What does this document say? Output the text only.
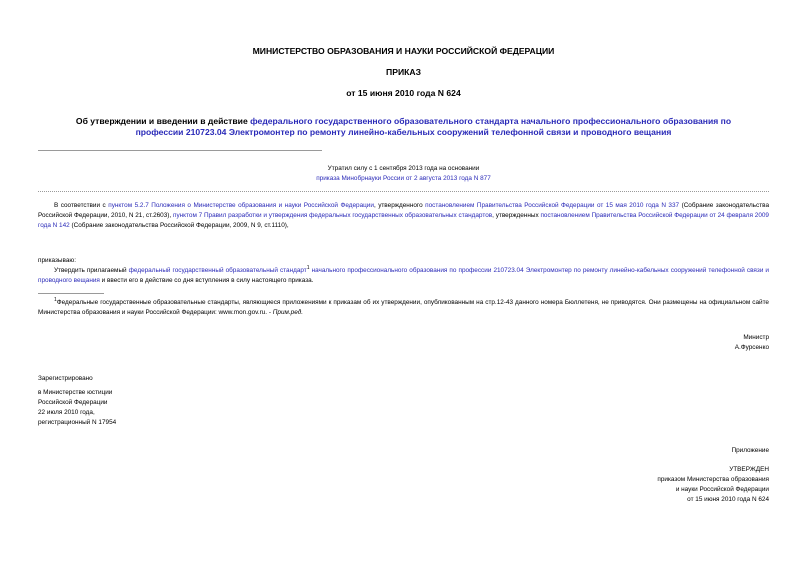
МИНИСТЕРСТВО ОБРАЗОВАНИЯ И НАУКИ РОССИЙСКОЙ ФЕДЕРАЦИИ
ПРИКАЗ
от 15 июня 2010 года N 624
Об утверждении и введении в действие федерального государственного образовательного стандарта начального профессионального образования по
профессии 210723.04 Электромонтер по ремонту линейно-кабельных сооружений телефонной связи и проводного вещания
Утратил силу с 1 сентября 2013 года на основании
приказа Минобрнауки России от 2 августа 2013 года N 877
В соответствии с пунктом 5.2.7 Положения о Министерстве образования и науки Российской Федерации, утвержденного постановлением Правительства Российской Федерации от 15 мая 2010 года N 337 (Собрание законодательства Российской Федерации, 2010, N 21, ст.2603), пунктом 7 Правил разработки и утверждения федеральных государственных образовательных стандартов, утвержденных постановлением Правительства Российской Федерации от 24 февраля 2009 года N 142 (Собрание законодательства Российской Федерации, 2009, N 9, ст.1110),
приказываю:
Утвердить прилагаемый федеральный государственный образовательный стандарт$^1$ начального профессионального образования по профессии 210723.04 Электромонтер по ремонту линейно-кабельных сооружений телефонной связи и проводного вещания и ввести его в действие со дня вступления в силу настоящего приказа.
$^1$Федеральные государственные образовательные стандарты, являющиеся приложениями к приказам об их утверждении, опубликованным на стр.12-43 данного номера Бюллетеня, не приводятся. Они размещены на официальном сайте Министерства образования и науки Российской Федерации: www.mon.gov.ru. - Прим.ред.
Министр
А.Фурсенко
Зарегистрировано
в Министерстве юстиции
Российской Федерации
22 июля 2010 года,
регистрационный N 17954
Приложение
УТВЕРЖДЕН
приказом Министерства образования
и науки Российской Федерации
от 15 июня 2010 года N 624
